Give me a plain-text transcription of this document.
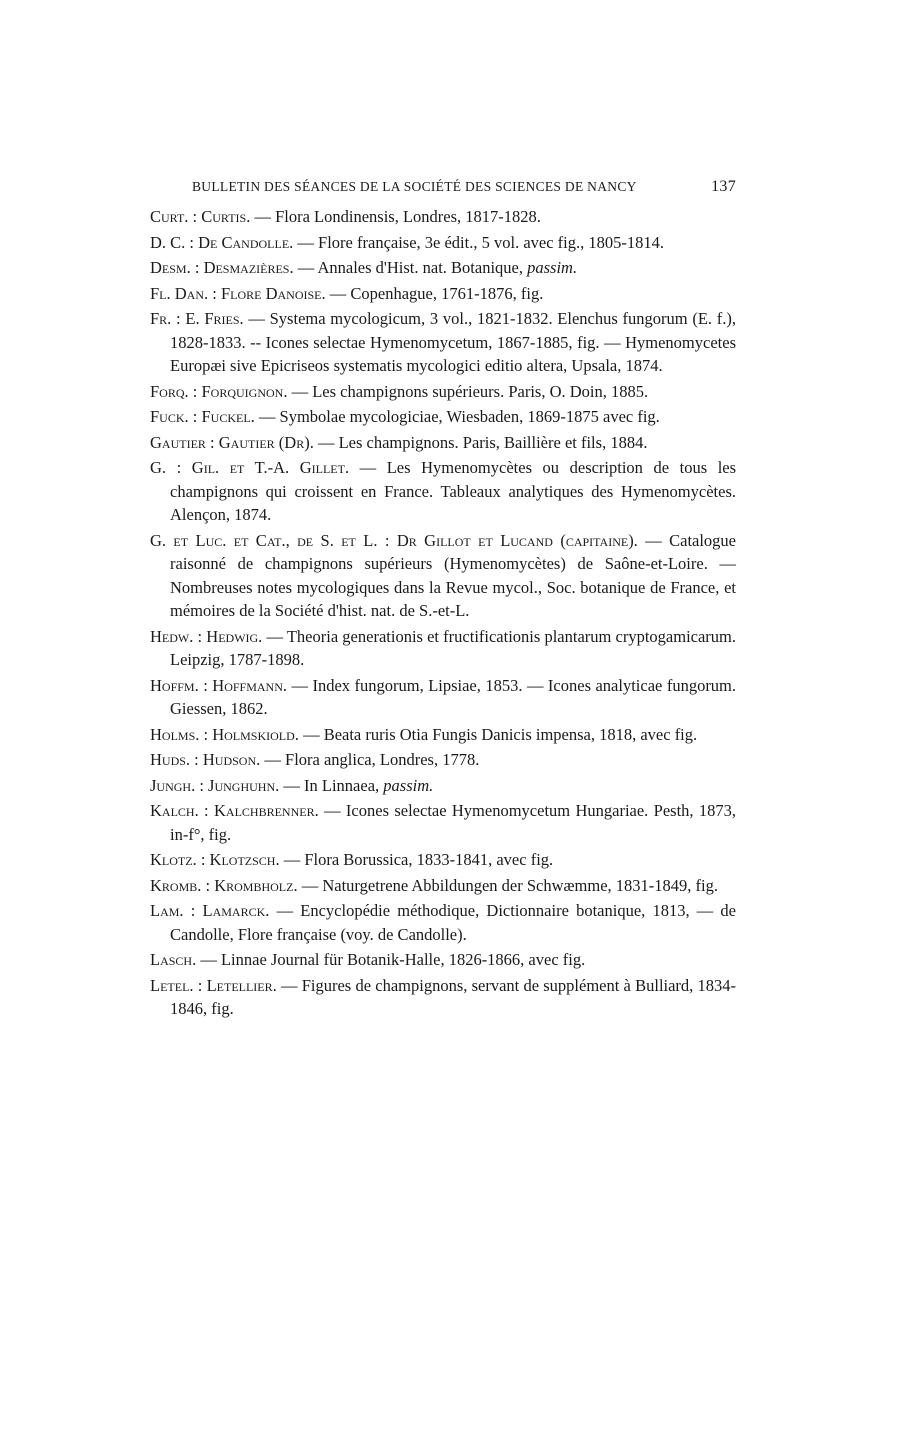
BULLETIN DES SÉANCES DE LA SOCIÉTÉ DES SCIENCES DE NANCY	137
Curt. : Curtis. — Flora Londinensis, Londres, 1817-1828.
D. C. : De Candolle. — Flore française, 3e édit., 5 vol. avec fig., 1805-1814.
Desm. : Desmazières. — Annales d'Hist. nat. Botanique, passim.
Fl. Dan. : Flore Danoise. — Copenhague, 1761-1876, fig.
Fr. : E. Fries. — Systema mycologicum, 3 vol., 1821-1832. Elenchus fungorum (E. f.), 1828-1833. -- Icones selectae Hymenomycetum, 1867-1885, fig. — Hymenomycetes Europæi sive Epicriseos systematis mycologici editio altera, Upsala, 1874.
Forq. : Forquignon. — Les champignons supérieurs. Paris, O. Doin, 1885.
Fuck. : Fuckel. — Symbolae mycologiciae, Wiesbaden, 1869-1875 avec fig.
Gautier : Gautier (Dr). — Les champignons. Paris, Baillière et fils, 1884.
G. : Gil. et T.-A. Gillet. — Les Hymenomycètes ou description de tous les champignons qui croissent en France. Tableaux analytiques des Hymenomycètes. Alençon, 1874.
G. et Luc. et Cat., de S. et L. : Dr Gillot et Lucand (capitaine). — Catalogue raisonné de champignons supérieurs (Hymenomycètes) de Saône-et-Loire. — Nombreuses notes mycologiques dans la Revue mycol., Soc. botanique de France, et mémoires de la Société d'hist. nat. de S.-et-L.
Hedw. : Hedwig. — Theoria generationis et fructificationis plantarum cryptogamicarum. Leipzig, 1787-1898.
Hoffm. : Hoffmann. — Index fungorum, Lipsiae, 1853. — Icones analyticae fungorum. Giessen, 1862.
Holms. : Holmskiold. — Beata ruris Otia Fungis Danicis impensa, 1818, avec fig.
Huds. : Hudson. — Flora anglica, Londres, 1778.
Jungh. : Junghuhn. — In Linnaea, passim.
Kalch. : Kalchbrenner. — Icones selectae Hymenomycetum Hungariae. Pesth, 1873, in-f°, fig.
Klotz. : Klotzsch. — Flora Borussica, 1833-1841, avec fig.
Kromb. : Krombholz. — Naturgetrene Abbildungen der Schwæmme, 1831-1849, fig.
Lam. : Lamarck. — Encyclopédie méthodique, Dictionnaire botanique, 1813, — de Candolle, Flore française (voy. de Candolle).
Lasch. — Linnae Journal für Botanik-Halle, 1826-1866, avec fig.
Letel. : Letellier. — Figures de champignons, servant de supplément à Bulliard, 1834-1846, fig.
